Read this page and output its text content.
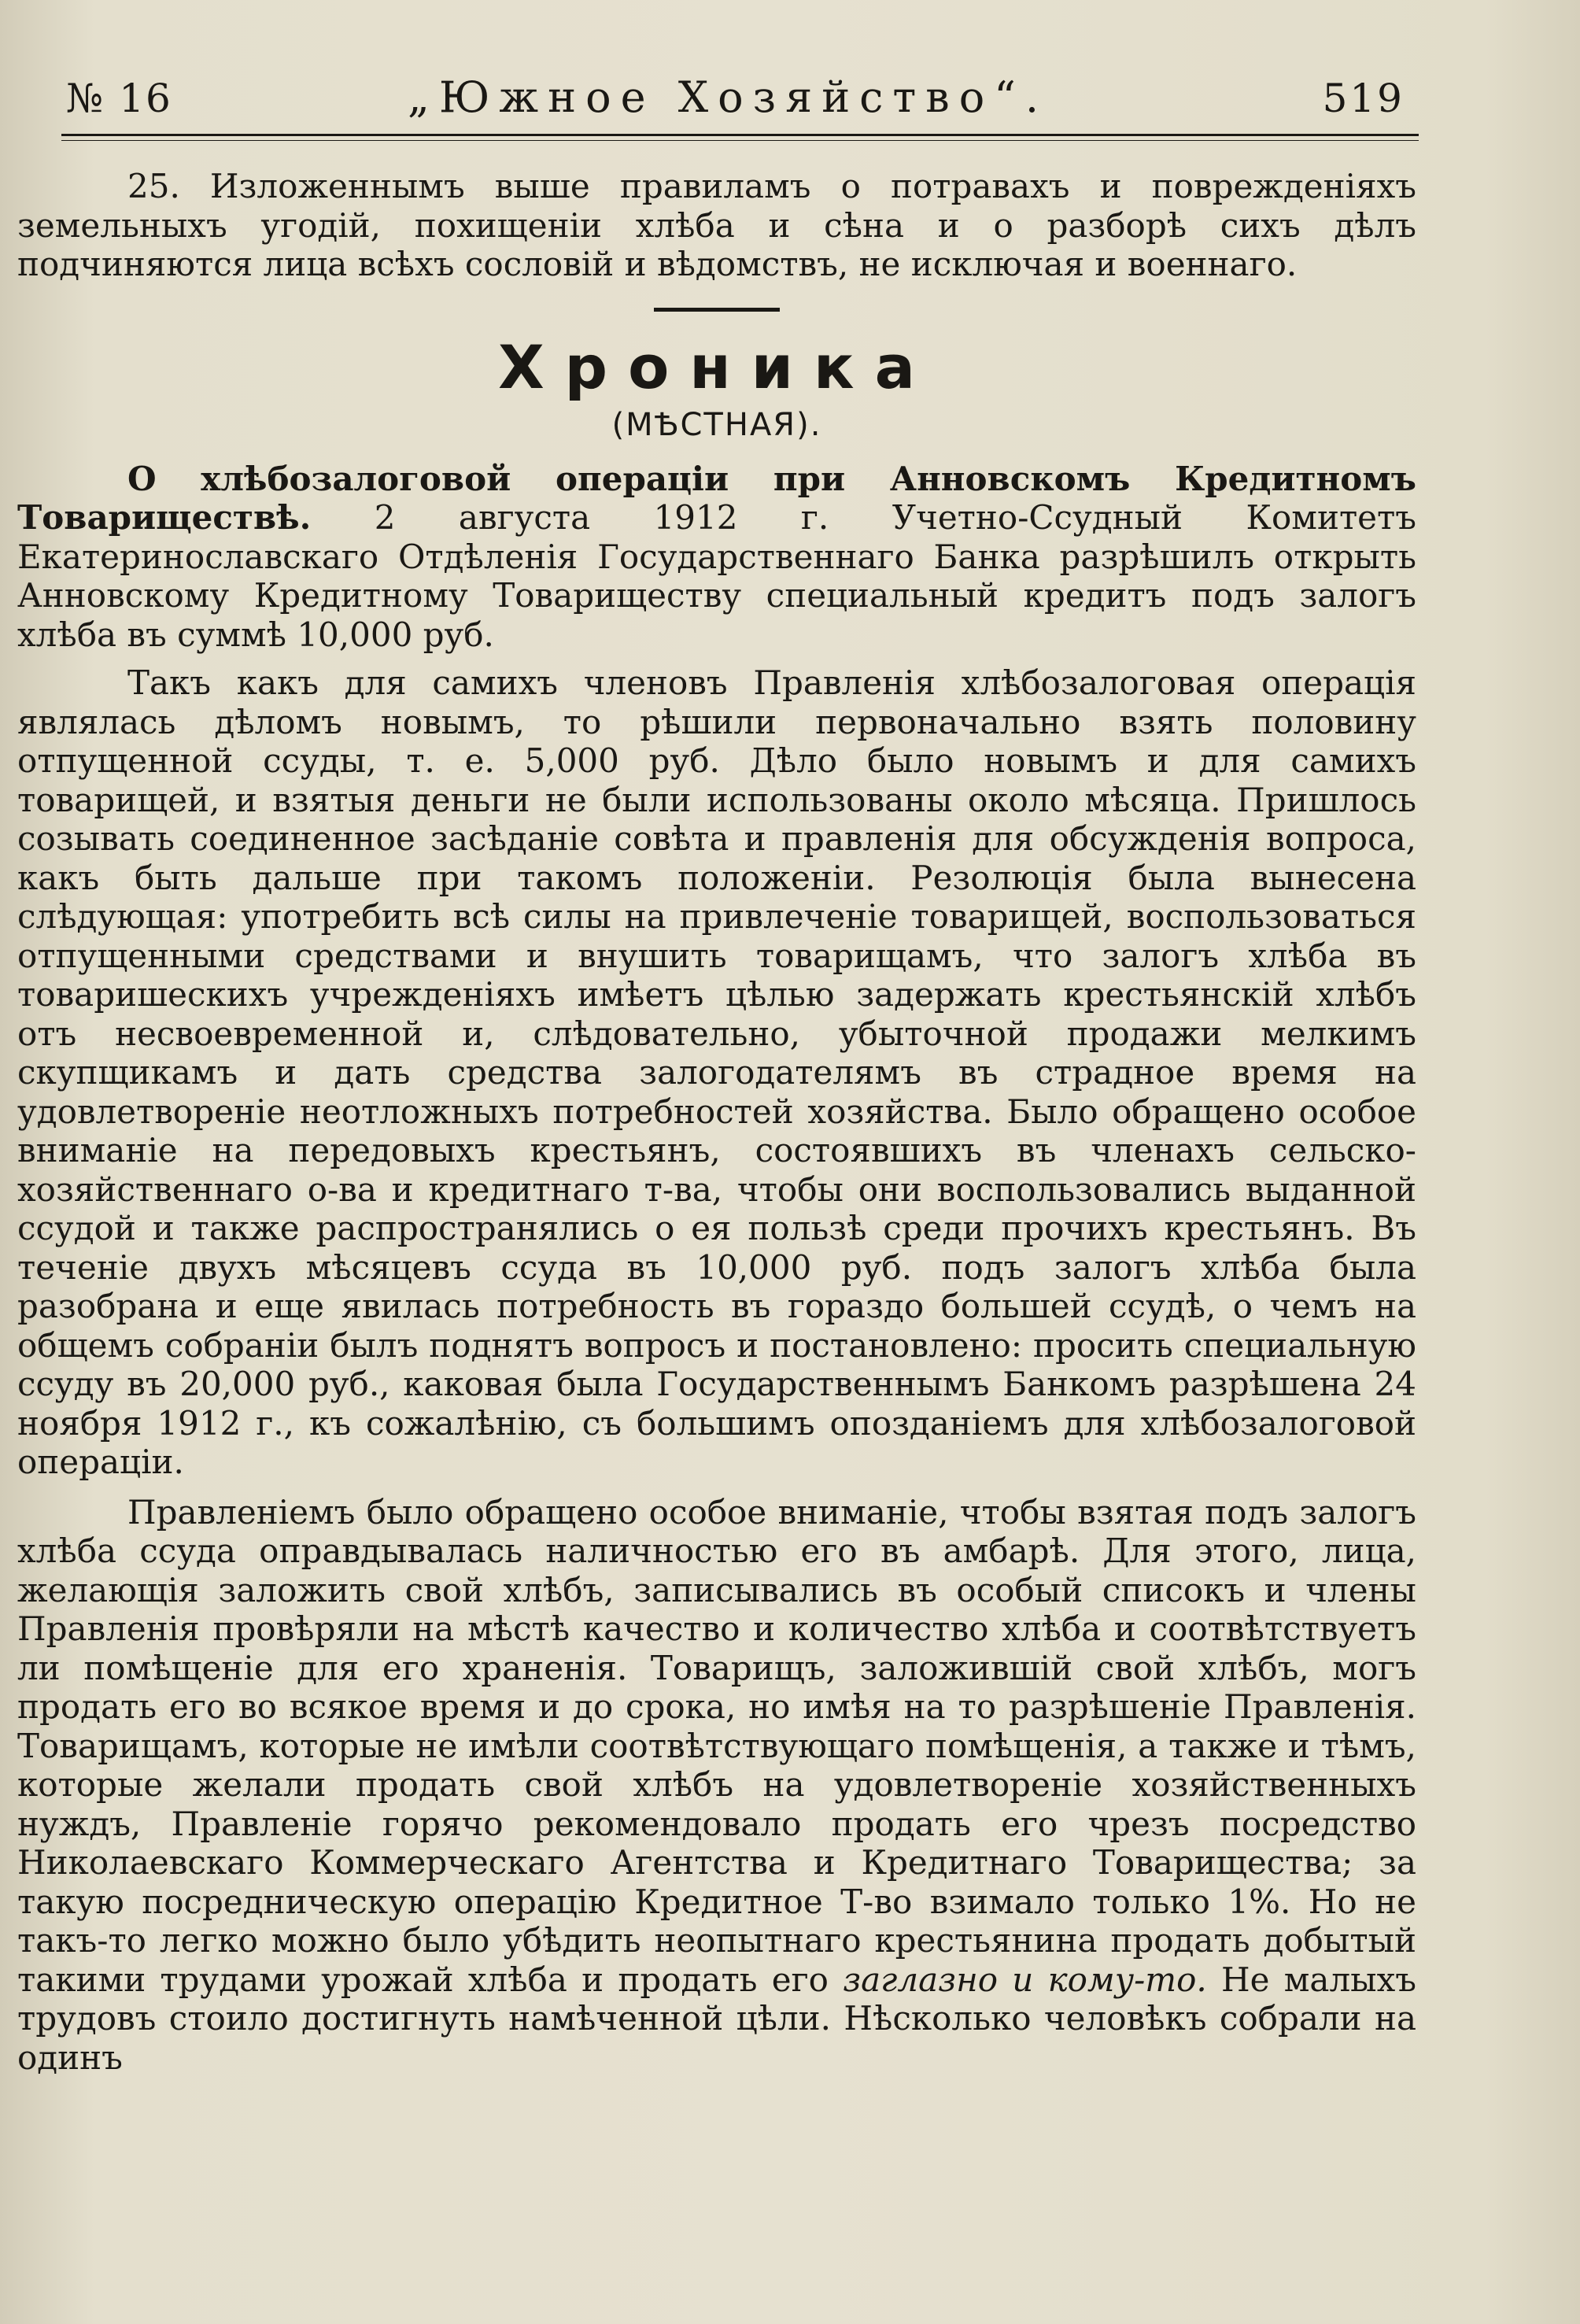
№ 16	„Южное Хозяйство“.	519

25. Изложеннымъ выше правиламъ о потравахъ и поврежденiяхъ земельныхъ угодій, похищенiи хлѣба и сѣна и о разборѣ сихъ дѣлъ подчиняются лица всѣхъ сословій и вѣдомствъ, не исключая и военнаго.

Хроника
(МѢСТНАЯ).

О хлѣбозалоговой операцiи при Анновскомъ Кредитномъ Товариществѣ. 2 августа 1912 г. Учетно-Ссудный Комитетъ Екатеринославскаго Отдѣленія Государственнаго Банка разрѣшилъ открыть Анновскому Кредитному Товариществу специальный кредитъ подъ залогъ хлѣба въ суммѣ 10,000 руб.

Такъ какъ для самихъ членовъ Правленія хлѣбозалоговая операція являлась дѣломъ новымъ, то рѣшили первоначально взять половину отпущенной ссуды, т. е. 5,000 руб. Дѣло было новымъ и для самихъ товарищей, и взятыя деньги не были использованы около мѣсяца. Пришлось созывать соединенное засѣданіе совѣта и правленія для обсужденія вопроса, какъ быть дальше при такомъ положеніи. Резолюція была вынесена слѣдующая: употребить всѣ силы на привлеченіе товарищей, воспользоваться отпущенными средствами и внушить товарищамъ, что залогъ хлѣба въ товаришескихъ учрежденiяхъ имѣетъ цѣлью задержать крестьянскій хлѣбъ отъ несвоевременной и, слѣдовательно, убыточной продажи мелкимъ скупщикамъ и дать средства залогодателямъ въ страдное время на удовлетвореніе неотложныхъ потребностей хозяйства. Было обращено особое вниманіе на передовыхъ крестьянъ, состоявшихъ въ членахъ сельско-хозяйственнаго о-ва и кредитнаго т-ва, чтобы они воспользовались выданной ссудой и также распространялись о ея пользѣ среди прочихъ крестьянъ. Въ теченіе двухъ мѣсяцевъ ссуда въ 10,000 руб. подъ залогъ хлѣба была разобрана и еще явилась потребность въ гораздо большей ссудѣ, о чемъ на общемъ собраніи былъ поднятъ вопросъ и постановлено: просить специальную ссуду въ 20,000 руб., каковая была Государственнымъ Банкомъ разрѣшена 24 ноября 1912 г., къ сожалѣнію, съ большимъ опозданіемъ для хлѣбозалоговой операціи.

Правленіемъ было обращено особое вниманіе, чтобы взятая подъ залогъ хлѣба ссуда оправдывалась наличностью его въ амбарѣ. Для этого, лица, желающія заложить свой хлѣбъ, записывались въ особый списокъ и члены Правленія провѣряли на мѣстѣ качество и количество хлѣба и соотвѣтствуетъ ли помѣщеніе для его храненія. Товарищъ, заложившій свой хлѣбъ, могъ продать его во всякое время и до срока, но имѣя на то разрѣшеніе Правленія. Товарищамъ, которые не имѣли соотвѣтствующаго помѣщенія, а также и тѣмъ, которые желали продать свой хлѣбъ на удовлетвореніе хозяйственныхъ нуждъ, Правленіе горячо рекомендовало продать его чрезъ посредство Николаевскаго Коммерческаго Агентства и Кредитнаго Товарищества; за такую посредническую операцію Кредитное Т-во взимало только 1%. Но не такъ-то легко можно было убѣдить неопытнаго крестьянина продать добытый такими трудами урожай хлѣба и продать его заглазно и кому-то. Не малыхъ трудовъ стоило достигнуть намѣченной цѣли. Нѣсколько человѣкъ собрали на одинъ
